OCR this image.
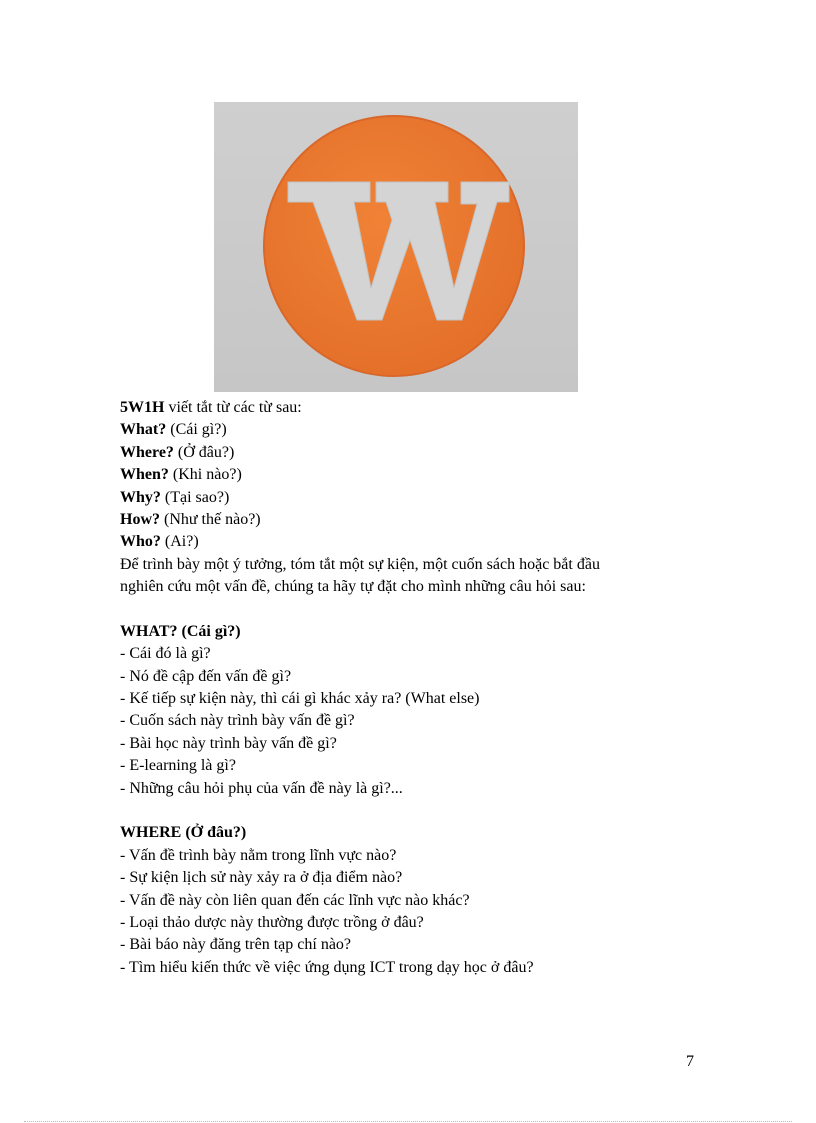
5W1H viết tắt từ các từ sau:
What? (Cái gì?)
Where? (Ở đâu?)
When? (Khi nào?)
Why? (Tại sao?)
How? (Như thế nào?)
Who? (Ai?)
Để trình bày một ý tưởng, tóm tắt một sự kiện, một cuốn sách hoặc bắt đầu
nghiên cứu một vấn đề, chúng ta hãy tự đặt cho mình những câu hỏi sau:
WHAT? (Cái gì?)
- Cái đó là gì?
- Nó đề cập đến vấn đề gì?
- Kế tiếp sự kiện này, thì cái gì khác xảy ra? (What else)
- Cuốn sách này trình bày vấn đề gì?
- Bài học này trình bày vấn đề gì?
- E-learning là gì?
- Những câu hỏi phụ của vấn đề này là gì?...
WHERE (Ở đâu?)
- Vấn đề trình bày nằm trong lĩnh vực nào?
- Sự kiện lịch sử này xảy ra ở địa điểm nào?
- Vấn đề này còn liên quan đến các lĩnh vực nào khác?
- Loại thảo dược này thường được trồng ở đâu?
- Bài báo này đăng trên tạp chí nào?
- Tìm hiểu kiến thức về việc ứng dụng ICT trong dạy học ở đâu?
7
